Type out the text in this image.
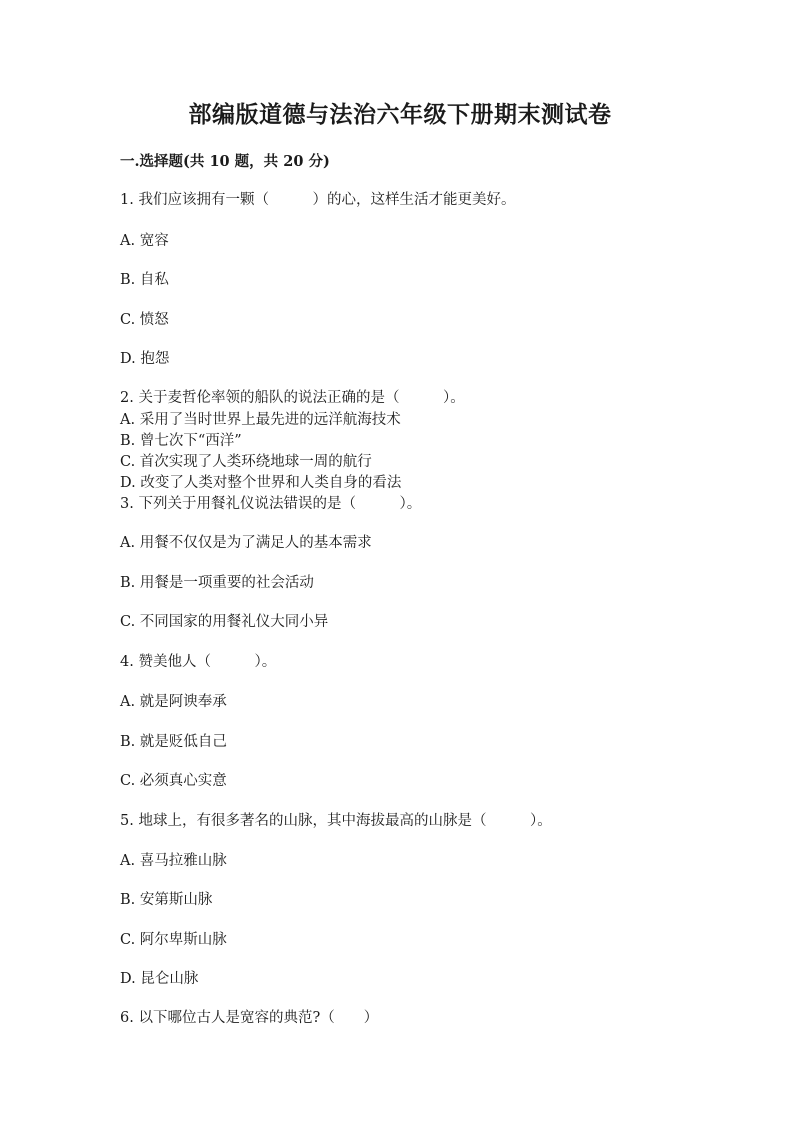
部编版道德与法治六年级下册期末测试卷
一.选择题(共 10 题，共 20 分)
1. 我们应该拥有一颗（　　　）的心，这样生活才能更美好。
A. 宽容
B. 自私
C. 愤怒
D. 抱怨
2. 关于麦哲伦率领的船队的说法正确的是（　　　）。
A. 采用了当时世界上最先进的远洋航海技术
B. 曾七次下“西洋”
C. 首次实现了人类环绕地球一周的航行
D. 改变了人类对整个世界和人类自身的看法
3. 下列关于用餐礼仪说法错误的是（　　　）。
A. 用餐不仅仅是为了满足人的基本需求
B. 用餐是一项重要的社会活动
C. 不同国家的用餐礼仪大同小异
4. 赞美他人（　　　）。
A. 就是阿谀奉承
B. 就是贬低自己
C. 必须真心实意
5. 地球上，有很多著名的山脉，其中海拔最高的山脉是（　　　）。
A. 喜马拉雅山脉
B. 安第斯山脉
C. 阿尔卑斯山脉
D. 昆仑山脉
6. 以下哪位古人是宽容的典范?（　　）
